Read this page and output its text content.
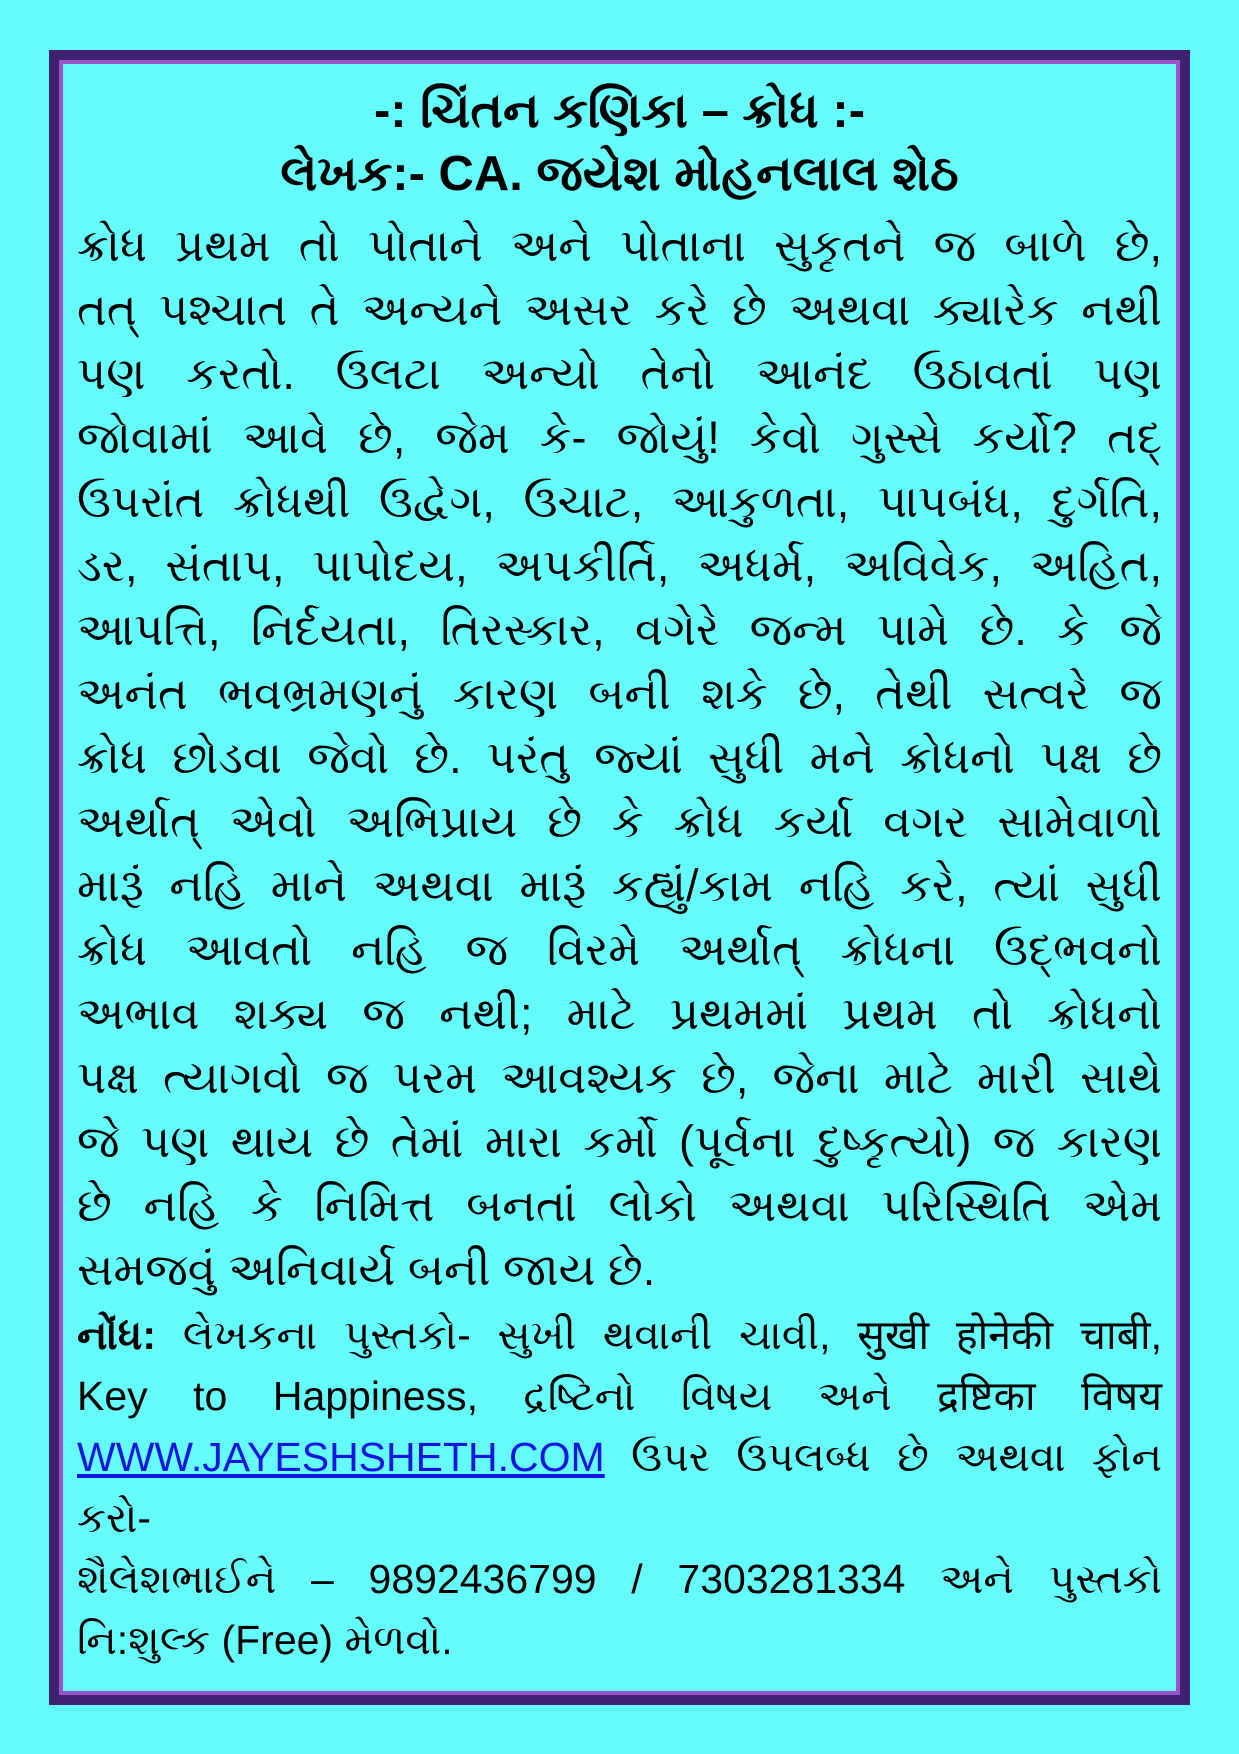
-: ચિંતન કણિકા – ક્રોધ :-
લેખક:- CA. જયેશ મોહનલાલ શેઠ
ક્રોધ પ્રથમ તો પોતાને અને પોતાના સુકૃતને જ બાળે છે,
તત્ પશ્ચાત તે અન્યને અસર કરે છે અથવા ક્યારેક નથી
પણ કરતો. ઉલટા અન્યો તેનો આનંદ ઉઠાવતાં પણ
જોવામાં આવે છે, જેમ કે- જોયું! કેવો ગુસ્સે કર્યો? તદ્
ઉપરાંત ક્રોધથી ઉદ્વેગ, ઉચાટ, આકુળતા, પાપબંધ, દુર્ગતિ,
ડર, સંતાપ, પાપોદય, અપકીર્તિ, અધર્મ, અવિવેક, અહિત,
આપત્તિ, નિર્દયતા, તિરસ્કાર, વગેરે જન્મ પામે છે. કે જે
અનંત ભવભ્રમણનું કારણ બની શકે છે, તેથી સત્વરે જ
ક્રોધ છોડવા જેવો છે. પરંતુ જ્યાં સુધી મને ક્રોધનો પક્ષ છે
અર્થાત્ એવો અભિપ્રાય છે કે ક્રોધ કર્યા વગર સામેવાળો
મારૂં નહિ માને અથવા મારૂં કહ્યું/કામ નહિ કરે, ત્યાં સુધી
ક્રોધ આવતો નહિ જ વિરમે અર્થાત્ ક્રોધના ઉદ્ભવનો
અભાવ શક્ય જ નથી; માટે પ્રથમમાં પ્રથમ તો ક્રોધનો
પક્ષ ત્યાગવો જ પરમ આવશ્યક છે, જેના માટે મારી સાથે
જે પણ થાય છે તેમાં મારા કર્મો (પૂર્વના દુષ્કૃત્યો) જ કારણ
છે નહિ કે નિમિત્ત બનતાં લોકો અથવા પરિસ્થિતિ એમ
સમજવું અનિવાર્ય બની જાય છે.
નોંધ: લેખકના પુસ્તકો- સુખી થવાની ચાવી, सुखी होनेकी चाबी,
Key to Happiness, દ્રષ્ટિનો વિષય અને द्रष्टिका विषय
WWW.JAYESHSHETH.COM ઉપર ઉપલબ્ધ છે અથવા ફોન કરો-
શૈલેશભાઈને – 9892436799 / 7303281334 અને પુસ્તકો
નિ:શુલ્ક (Free) મેળવો.
